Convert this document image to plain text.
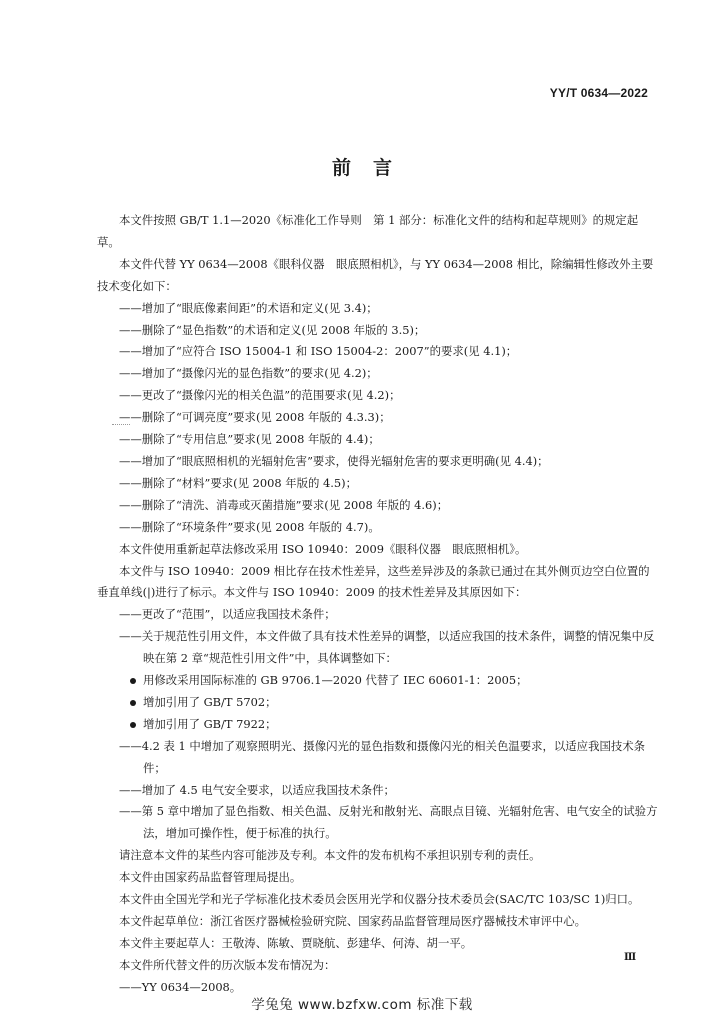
YY/T 0634—2022
前言

本文件按照 GB/T 1.1—2020《标准化工作导则　第 1 部分：标准化文件的结构和起草规则》的规定起草。

本文件代替 YY 0634—2008《眼科仪器　眼底照相机》，与 YY 0634—2008 相比，除编辑性修改外主要技术变化如下：

——增加了“眼底像素间距”的术语和定义(见 3.4)；

——删除了“显色指数”的术语和定义(见 2008 年版的 3.5)；

——增加了“应符合 ISO 15004-1 和 ISO 15004-2：2007”的要求(见 4.1)；

——增加了“摄像闪光的显色指数”的要求(见 4.2)；

——更改了“摄像闪光的相关色温”的范围要求(见 4.2)；

——删除了“可调亮度”要求(见 2008 年版的 4.3.3)；

——删除了“专用信息”要求(见 2008 年版的 4.4)；

——增加了“眼底照相机的光辐射危害”要求，使得光辐射危害的要求更明确(见 4.4)；

——删除了“材料”要求(见 2008 年版的 4.5)；

——删除了“清洗、消毒或灭菌措施”要求(见 2008 年版的 4.6)；

——删除了“环境条件”要求(见 2008 年版的 4.7)。

本文件使用重新起草法修改采用 ISO 10940：2009《眼科仪器　眼底照相机》。

本文件与 ISO 10940：2009 相比存在技术性差异，这些差异涉及的条款已通过在其外侧页边空白位置的垂直单线(|)进行了标示。本文件与 ISO 10940：2009 的技术性差异及其原因如下：

——更改了“范围”，以适应我国技术条件；

——关于规范性引用文件，本文件做了具有技术性差异的调整，以适应我国的技术条件，调整的情况集中反映在第 2 章“规范性引用文件”中，具体调整如下：

用修改采用国际标准的 GB 9706.1—2020 代替了 IEC 60601-1：2005；

增加引用了 GB/T 5702；

增加引用了 GB/T 7922；

——4.2 表 1 中增加了观察照明光、摄像闪光的显色指数和摄像闪光的相关色温要求，以适应我国技术条件；

——增加了 4.5 电气安全要求，以适应我国技术条件；

——第 5 章中增加了显色指数、相关色温、反射光和散射光、高眼点目镜、光辐射危害、电气安全的试验方法，增加可操作性，便于标准的执行。

请注意本文件的某些内容可能涉及专利。本文件的发布机构不承担识别专利的责任。

本文件由国家药品监督管理局提出。

本文件由全国光学和光子学标准化技术委员会医用光学和仪器分技术委员会(SAC/TC 103/SC 1)归口。

本文件起草单位：浙江省医疗器械检验研究院、国家药品监督管理局医疗器械技术审评中心。

本文件主要起草人：王敬涛、陈敏、贾晓航、彭建华、何涛、胡一平。

本文件所代替文件的历次版本发布情况为：

——YY 0634—2008。

Ⅲ
学兔兔 www.bzfxw.com 标准下载
